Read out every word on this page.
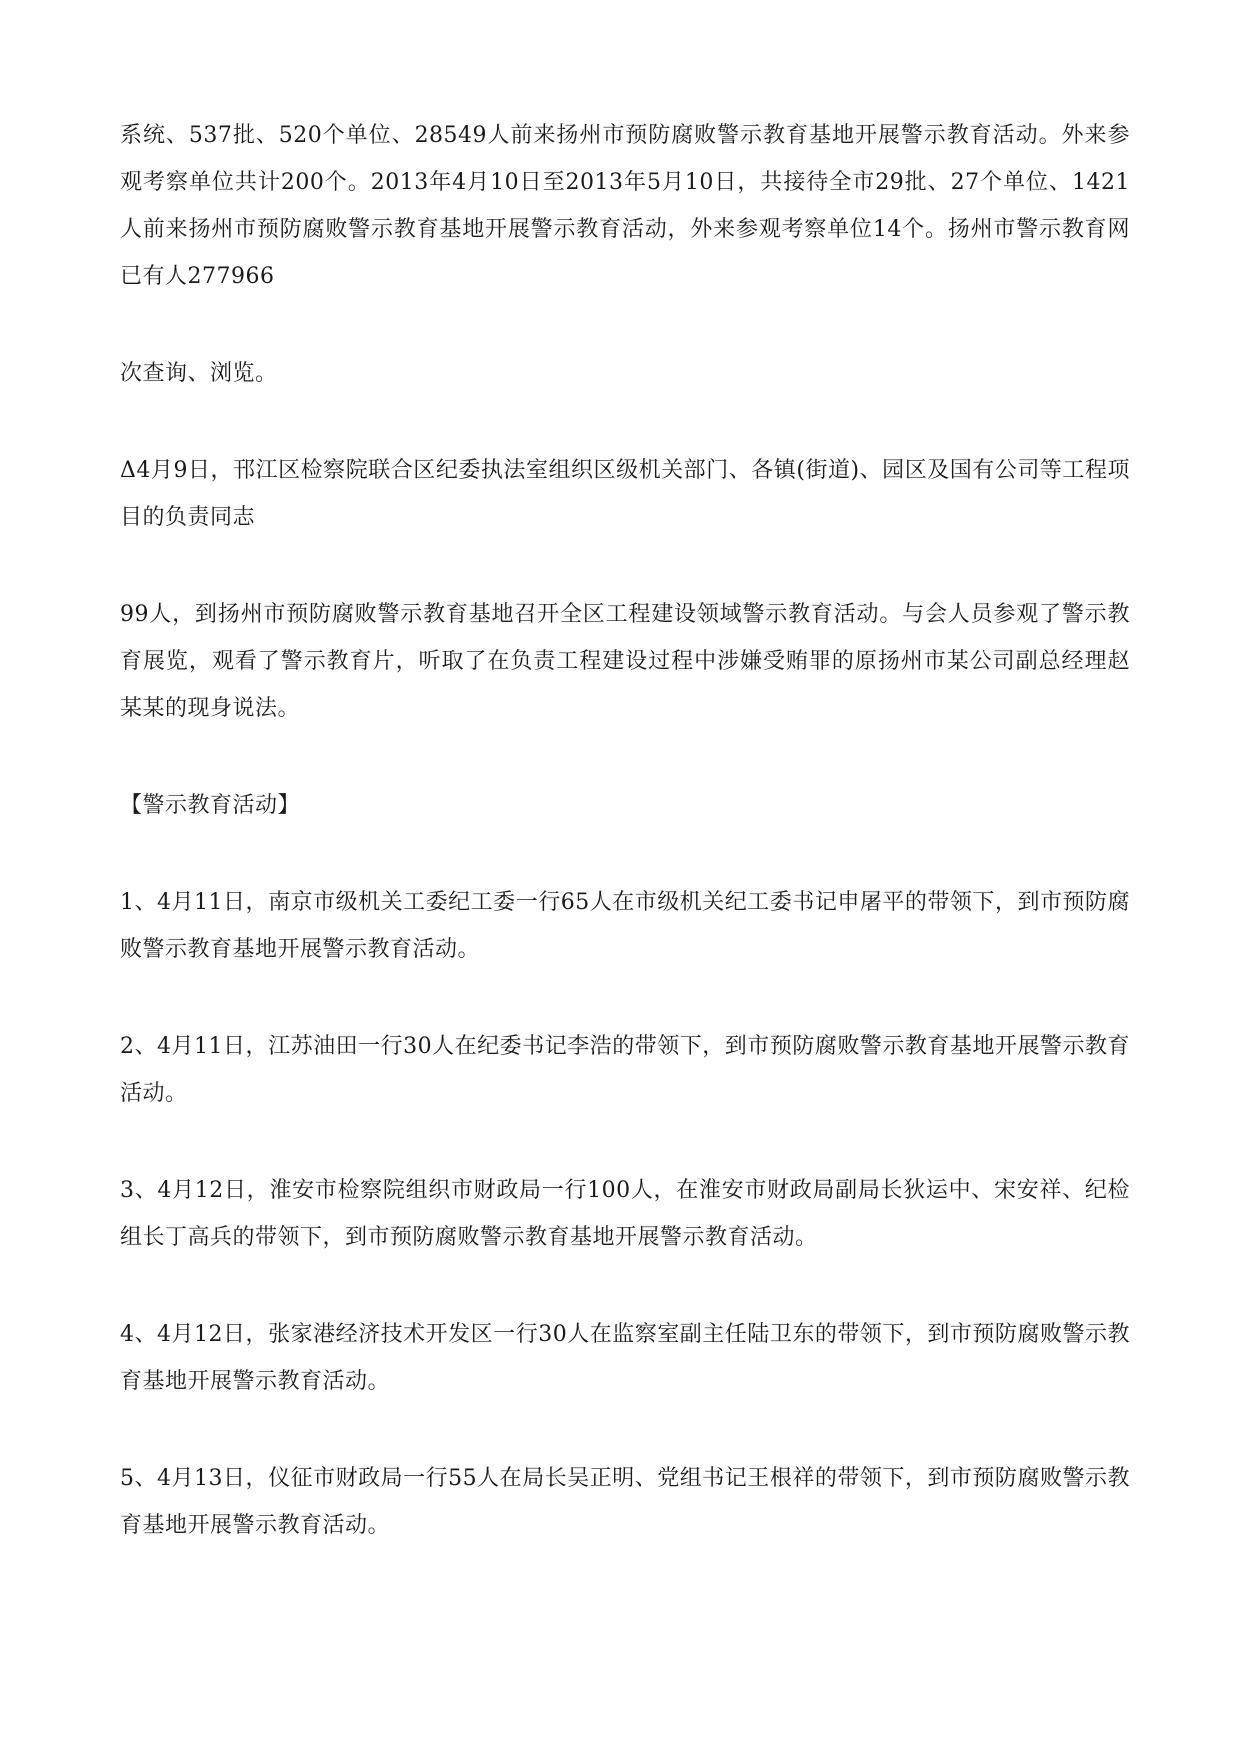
系统、537批、520个单位、28549人前来扬州市预防腐败警示教育基地开展警示教育活动。外来参观考察单位共计200个。2013年4月10日至2013年5月10日，共接待全市29批、27个单位、1421人前来扬州市预防腐败警示教育基地开展警示教育活动，外来参观考察单位14个。扬州市警示教育网已有人277966

次查询、浏览。

Δ4月9日，邗江区检察院联合区纪委执法室组织区级机关部门、各镇(街道)、园区及国有公司等工程项目的负责同志

99人，到扬州市预防腐败警示教育基地召开全区工程建设领域警示教育活动。与会人员参观了警示教育展览，观看了警示教育片，听取了在负责工程建设过程中涉嫌受贿罪的原扬州市某公司副总经理赵某某的现身说法。

【警示教育活动】

1、4月11日，南京市级机关工委纪工委一行65人在市级机关纪工委书记申屠平的带领下，到市预防腐败警示教育基地开展警示教育活动。

2、4月11日，江苏油田一行30人在纪委书记李浩的带领下，到市预防腐败警示教育基地开展警示教育活动。

3、4月12日，淮安市检察院组织市财政局一行100人，在淮安市财政局副局长狄运中、宋安祥、纪检组长丁高兵的带领下，到市预防腐败警示教育基地开展警示教育活动。

4、4月12日，张家港经济技术开发区一行30人在监察室副主任陆卫东的带领下，到市预防腐败警示教育基地开展警示教育活动。

5、4月13日，仪征市财政局一行55人在局长吴正明、党组书记王根祥的带领下，到市预防腐败警示教育基地开展警示教育活动。
